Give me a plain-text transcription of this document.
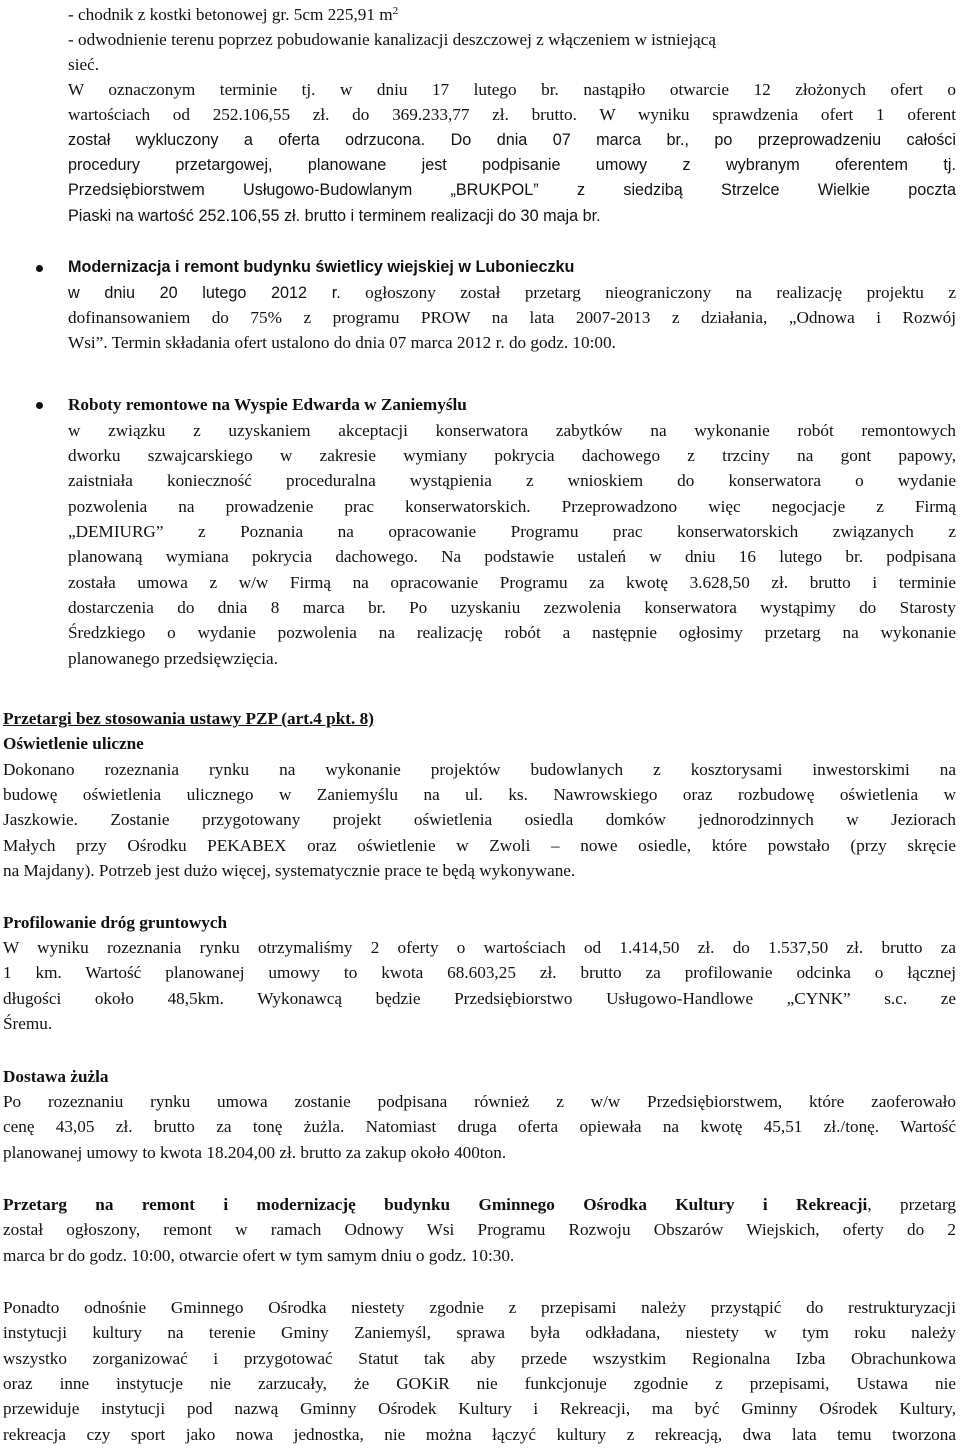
- chodnik z kostki betonowej gr. 5cm 225,91 $m^2$
- odwodnienie terenu poprzez pobudowanie kanalizacji deszczowej z włączeniem w istniejącą
sieć.
W oznaczonym terminie tj. w dniu 17 lutego br. nastąpiło otwarcie 12 złożonych ofert o
wartościach od 252.106,55 zł. do 369.233,77 zł. brutto. W wyniku sprawdzenia ofert 1 oferent
został wykluczony a oferta odrzucona. Do dnia 07 marca br., po przeprowadzeniu całości
procedury przetargowej, planowane jest podpisanie umowy z wybranym oferentem tj.
Przedsiębiorstwem Usługowo-Budowlanym „BRUKPOL” z siedzibą Strzelce Wielkie poczta
Piaski na wartość 252.106,55 zł. brutto i terminem realizacji do 30 maja br.
Modernizacja i remont budynku świetlicy wiejskiej w Lubonieczku
w dniu 20 lutego 2012 r. ogłoszony został przetarg nieograniczony na realizację projektu z
dofinansowaniem do 75% z programu PROW na lata 2007-2013 z działania, „Odnowa i Rozwój
Wsi”. Termin składania ofert ustalono do dnia 07 marca 2012 r. do godz. 10:00.
Roboty remontowe na Wyspie Edwarda w Zaniemyślu
w związku z uzyskaniem akceptacji konserwatora zabytków na wykonanie robót remontowych
dworku szwajcarskiego w zakresie wymiany pokrycia dachowego z trzciny na gont papowy,
zaistniała konieczność proceduralna wystąpienia z wnioskiem do konserwatora o wydanie
pozwolenia na prowadzenie prac konserwatorskich. Przeprowadzono więc negocjacje z Firmą
„DEMIURG” z Poznania na opracowanie Programu prac konserwatorskich związanych z
planowaną wymiana pokrycia dachowego. Na podstawie ustaleń w dniu 16 lutego br. podpisana
została umowa z w/w Firmą na opracowanie Programu za kwotę 3.628,50 zł. brutto i terminie
dostarczenia do dnia 8 marca br. Po uzyskaniu zezwolenia konserwatora wystąpimy do Starosty
Średzkiego o wydanie pozwolenia na realizację robót a następnie ogłosimy przetarg na wykonanie
planowanego przedsięwzięcia.
Przetargi bez stosowania ustawy PZP (art.4 pkt. 8)
Oświetlenie uliczne
Dokonano rozeznania rynku na wykonanie projektów budowlanych z kosztorysami inwestorskimi na
budowę oświetlenia ulicznego w Zaniemyślu na ul. ks. Nawrowskiego oraz rozbudowę oświetlenia w
Jaszkowie. Zostanie przygotowany projekt oświetlenia osiedla domków jednorodzinnych w Jeziorach
Małych przy Ośrodku PEKABEX oraz oświetlenie w Zwoli – nowe osiedle, które powstało (przy skręcie
na Majdany). Potrzeb jest dużo więcej, systematycznie prace te będą wykonywane.
Profilowanie dróg gruntowych
W wyniku rozeznania rynku otrzymaliśmy 2 oferty o wartościach od 1.414,50 zł. do 1.537,50 zł. brutto za
1 km. Wartość planowanej umowy to kwota 68.603,25 zł. brutto za profilowanie odcinka o łącznej
długości około 48,5km. Wykonawcą będzie Przedsiębiorstwo Usługowo-Handlowe „CYNK” s.c. ze
Śremu.
Dostawa żużla
Po rozeznaniu rynku umowa zostanie podpisana również z w/w Przedsiębiorstwem, które zaoferowało
cenę 43,05 zł. brutto za tonę żużla. Natomiast druga oferta opiewała na kwotę 45,51 zł./tonę. Wartość
planowanej umowy to kwota 18.204,00 zł. brutto za zakup około 400ton.
Przetarg na remont i modernizację budynku Gminnego Ośrodka Kultury i Rekreacji, przetarg
został ogłoszony, remont w ramach Odnowy Wsi Programu Rozwoju Obszarów Wiejskich, oferty do 2
marca br do godz. 10:00, otwarcie ofert w tym samym dniu o godz. 10:30.
Ponadto odnośnie Gminnego Ośrodka niestety zgodnie z przepisami należy przystąpić do restrukturyzacji
instytucji kultury na terenie Gminy Zaniemyśl, sprawa była odkładana, niestety w tym roku należy
wszystko zorganizować i przygotować Statut tak aby przede wszystkim Regionalna Izba Obrachunkowa
oraz inne instytucje nie zarzucały, że GOKiR nie funkcjonuje zgodnie z przepisami, Ustawa nie
przewiduje instytucji pod nazwą Gminny Ośrodek Kultury i Rekreacji, ma być Gminny Ośrodek Kultury,
rekreacja czy sport jako nowa jednostka, nie można łączyć kultury z rekreacją, dwa lata temu tworzona
